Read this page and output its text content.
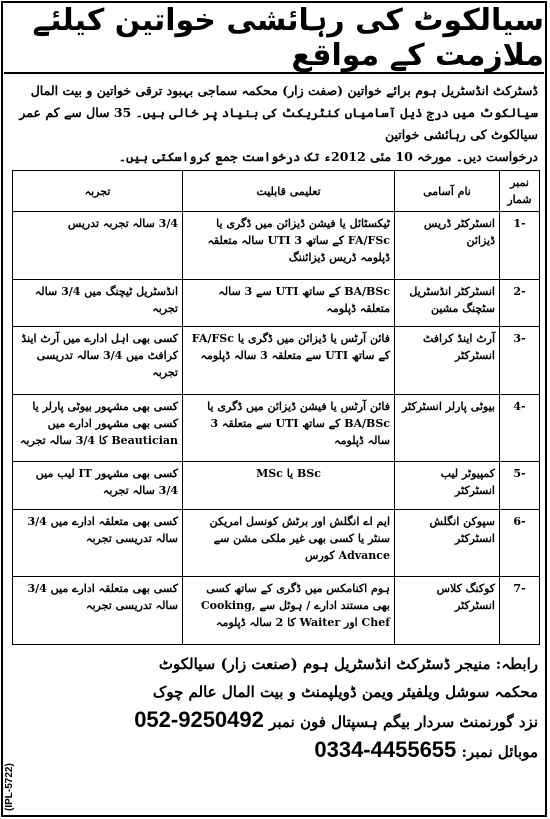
سیالکوٹ کی رہائشی خواتین کیلئے ملازمت کے مواقع
ڈسٹرکٹ انڈسٹریل ہوم برائے خواتین (صفت زار) محکمہ سماجی بہبود ترقی خواتین و بیت المال
سیالکوٹ میں درج ذیل آسامیاں کنٹریکٹ کی بنیاد پر خالی ہیں۔ 35 سال سے کم عمر سیالکوٹ کی رہائشی خواتین
درخواست دیں۔ مورخہ 10 مئی 2012ء تک درخواست جمع کرواسکتی ہیں۔
نمبر شمار	نام آسامی	تعلیمی قابلیت	تجربہ
-1	انسٹرکٹر ڈریس ڈیزائن	ٹیکسٹائل یا فیشن ڈیزائن میں ڈگری یا FA/FSc کے ساتھ UTI 3 سالہ متعلقہ ڈپلومہ ڈریس ڈیزائننگ	3/4 سالہ تجربہ تدریس
-2	انسٹرکٹر انڈسٹریل سٹچنگ مشین	BA/BSc کے ساتھ UTI سے 3 سالہ متعلقہ ڈپلومہ	انڈسٹریل ٹیچنگ میں 3/4 سالہ تجربہ
-3	آرٹ اینڈ کرافٹ انسٹرکٹر	فائن آرٹس یا ڈیزائن میں ڈگری یا FA/FSc کے ساتھ UTI سے متعلقہ 3 سالہ ڈپلومہ	کسی بھی اہل ادارے میں آرٹ اینڈ کرافٹ میں 3/4 سالہ تدریسی تجربہ
-4	بیوٹی پارلر انسٹرکٹر	فائن آرٹس یا فیشن ڈیزائن میں ڈگری یا BA/BSc کے ساتھ UTI سے متعلقہ 3 سالہ ڈپلومہ	کسی بھی مشہور بیوٹی پارلر یا کسی بھی مشہور ادارے میں Beautician کا 3/4 سالہ تجربہ
-5	کمپیوٹر لیب انسٹرکٹر	BSc یا MSc	کسی بھی مشہور IT لیب میں 3/4 سالہ تجربہ
-6	سپوکن انگلش انسٹرکٹر	ایم اے انگلش اور برٹش کونسل امریکن سنٹر یا کسی بھی غیر ملکی مشن سے Advance کورس	کسی بھی متعلقہ ادارے میں 3/4 سالہ تدریسی تجربہ
-7	کوکنگ کلاس انسٹرکٹر	ہوم اکنامکس میں ڈگری کے ساتھ کسی بھی مستند ادارے / ہوٹل سے Cooking, Chef اور Waiter کا 2 سالہ ڈپلومہ	کسی بھی متعلقہ ادارے میں 3/4 سالہ تدریسی تجربہ
رابطہ: منیجر ڈسٹرکٹ انڈسٹریل ہوم (صنعت زار) سیالکوٹ
محکمہ سوشل ویلفیئر ویمن ڈویلپمنٹ و بیت المال عالم چوک
نزد گورنمنٹ سردار بیگم ہسپتال فون نمبر 052-9250492
موبائل نمبر: 0334-4455655
(IPL-5722)
